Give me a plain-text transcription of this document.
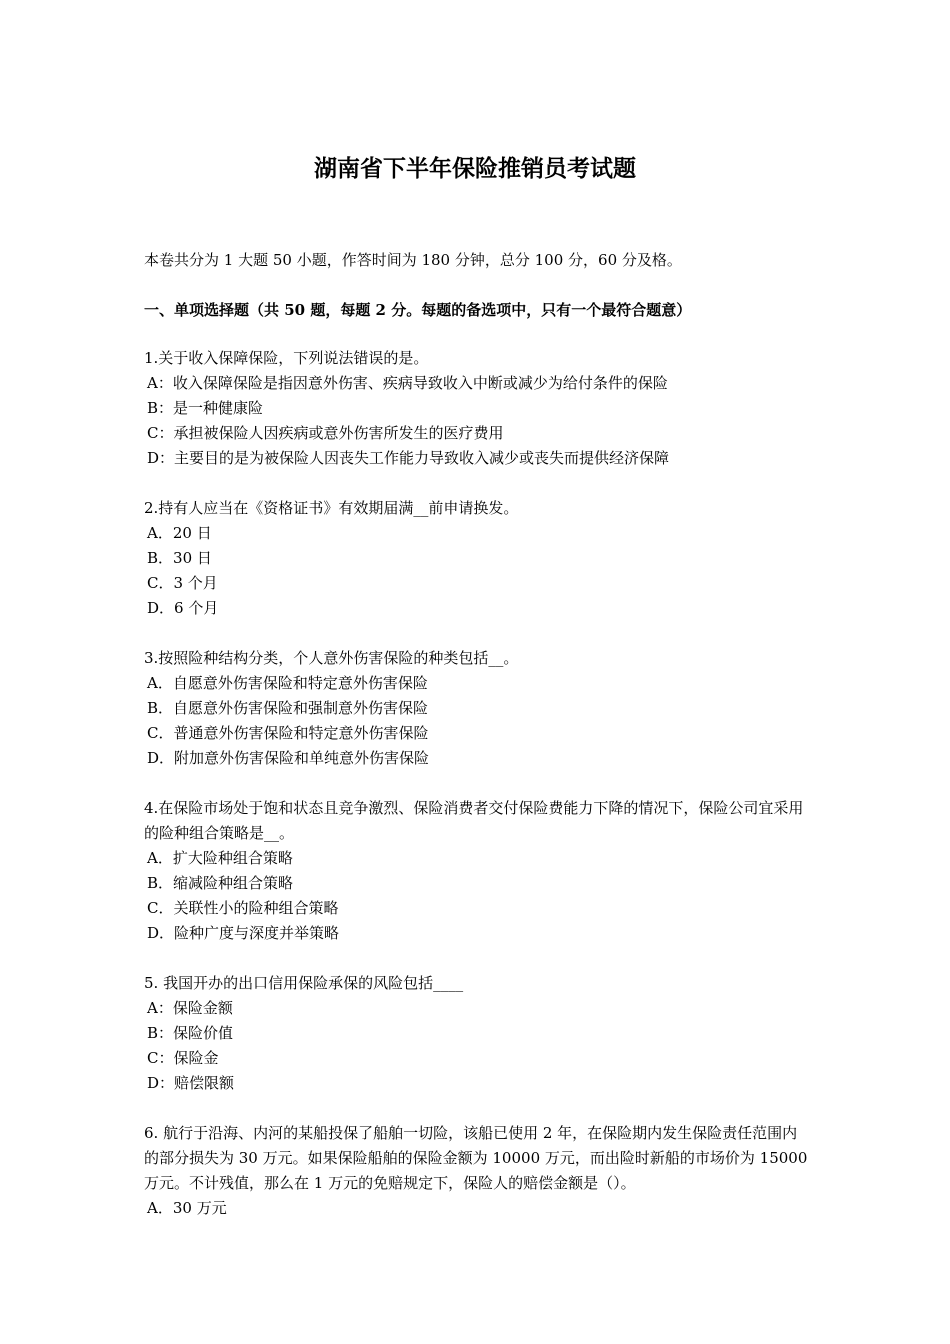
湖南省下半年保险推销员考试题
本卷共分为 1 大题 50 小题，作答时间为 180 分钟，总分 100 分，60 分及格。
一、单项选择题（共 50 题，每题 2 分。每题的备选项中，只有一个最符合题意）

1.关于收入保障保险，下列说法错误的是。

A：收入保障保险是指因意外伤害、疾病导致收入中断或减少为给付条件的保险

B：是一种健康险

C：承担被保险人因疾病或意外伤害所发生的医疗费用

D：主要目的是为被保险人因丧失工作能力导致收入减少或丧失而提供经济保障

2.持有人应当在《资格证书》有效期届满__前申请换发。

A．20 日

B．30 日

C．3 个月

D．6 个月

3.按照险种结构分类，个人意外伤害保险的种类包括__。

A．自愿意外伤害保险和特定意外伤害保险

B．自愿意外伤害保险和强制意外伤害保险

C．普通意外伤害保险和特定意外伤害保险

D．附加意外伤害保险和单纯意外伤害保险

4.在保险市场处于饱和状态且竞争激烈、保险消费者交付保险费能力下降的情况下，保险公司宜采用的险种组合策略是__。

A．扩大险种组合策略

B．缩减险种组合策略

C．关联性小的险种组合策略

D．险种广度与深度并举策略

5. 我国开办的出口信用保险承保的风险包括____

A：保险金额

B：保险价值

C：保险金

D：赔偿限额

6. 航行于沿海、内河的某船投保了船舶一切险，该船已使用 2 年，在保险期内发生保险责任范围内的部分损失为 30 万元。如果保险船舶的保险金额为 10000 万元，而出险时新船的市场价为 15000 万元。不计残值，那么在 1 万元的免赔规定下，保险人的赔偿金额是（）。

A．30 万元
